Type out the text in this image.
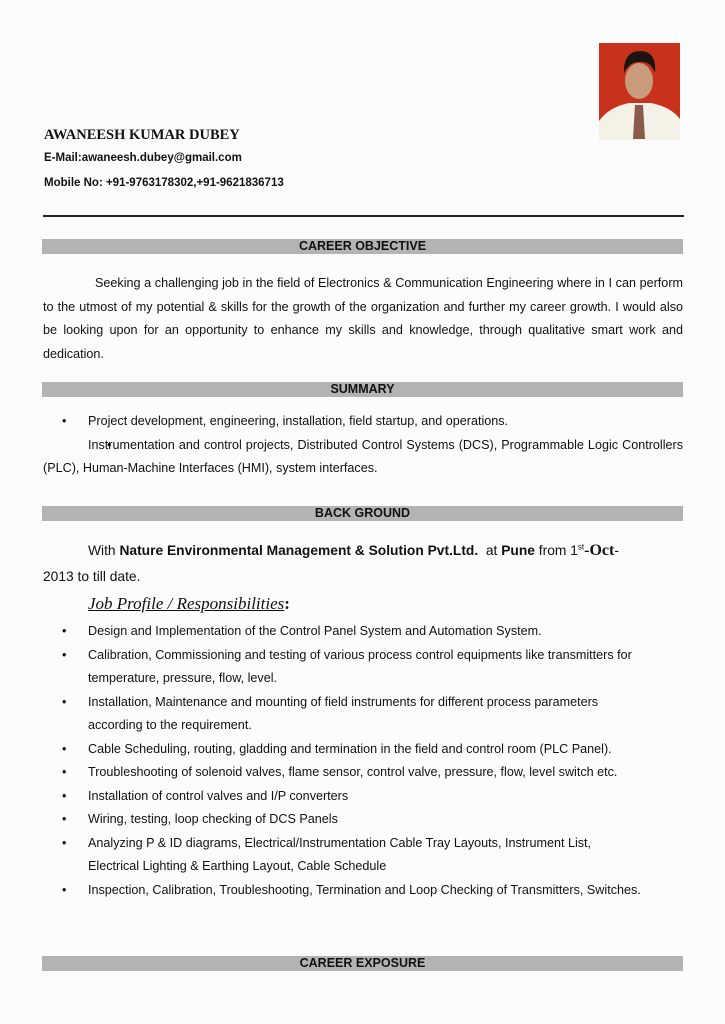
AWANEESH KUMAR DUBEY
E-Mail:awaneesh.dubey@gmail.com
Mobile No: +91-9763178302,+91-9621836713
CAREER OBJECTIVE
Seeking a challenging job in the field of Electronics & Communication Engineering where in I can perform to the utmost of my potential & skills for the growth of the organization and further my career growth. I would also be looking upon for an opportunity to enhance my skills and knowledge, through qualitative smart work and dedication.
SUMMARY
• Project development, engineering, installation, field startup, and operations.
• Instrumentation and control projects, Distributed Control Systems (DCS), Programmable Logic Controllers (PLC), Human-Machine Interfaces (HMI), system interfaces.
BACK GROUND
With Nature Environmental Management & Solution Pvt.Ltd.  at Pune from 1st-Oct-
2013 to till date.
Job Profile / Responsibilities:
• Design and Implementation of the Control Panel System and Automation System.
• Calibration, Commissioning and testing of various process control equipments like transmitters for temperature, pressure, flow, level.
• Installation, Maintenance and mounting of field instruments for different process parameters according to the requirement.
• Cable Scheduling, routing, gladding and termination in the field and control room (PLC Panel).
• Troubleshooting of solenoid valves, flame sensor, control valve, pressure, flow, level switch etc.
• Installation of control valves and I/P converters
• Wiring, testing, loop checking of DCS Panels
• Analyzing P & ID diagrams, Electrical/Instrumentation Cable Tray Layouts, Instrument List, Electrical Lighting & Earthing Layout, Cable Schedule
• Inspection, Calibration, Troubleshooting, Termination and Loop Checking of Transmitters, Switches.
CAREER EXPOSURE
